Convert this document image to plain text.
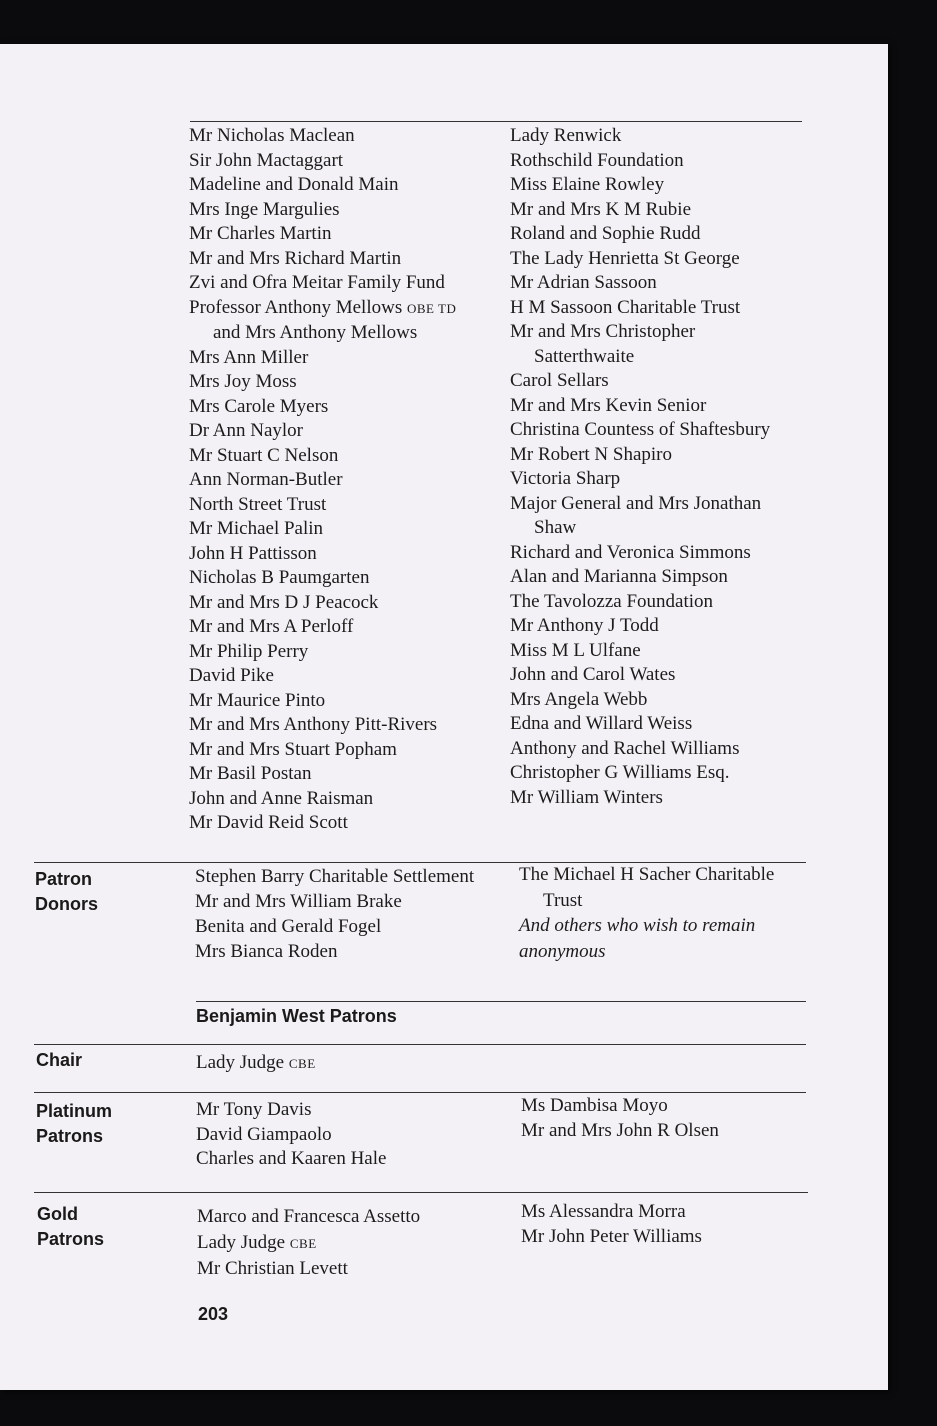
Mr Nicholas Maclean
Sir John Mactaggart
Madeline and Donald Main
Mrs Inge Margulies
Mr Charles Martin
Mr and Mrs Richard Martin
Zvi and Ofra Meitar Family Fund
Professor Anthony Mellows OBE TD
and Mrs Anthony Mellows
Mrs Ann Miller
Mrs Joy Moss
Mrs Carole Myers
Dr Ann Naylor
Mr Stuart C Nelson
Ann Norman-Butler
North Street Trust
Mr Michael Palin
John H Pattisson
Nicholas B Paumgarten
Mr and Mrs D J Peacock
Mr and Mrs A Perloff
Mr Philip Perry
David Pike
Mr Maurice Pinto
Mr and Mrs Anthony Pitt-Rivers
Mr and Mrs Stuart Popham
Mr Basil Postan
John and Anne Raisman
Mr David Reid Scott
Lady Renwick
Rothschild Foundation
Miss Elaine Rowley
Mr and Mrs K M Rubie
Roland and Sophie Rudd
The Lady Henrietta St George
Mr Adrian Sassoon
H M Sassoon Charitable Trust
Mr and Mrs Christopher
Satterthwaite
Carol Sellars
Mr and Mrs Kevin Senior
Christina Countess of Shaftesbury
Mr Robert N Shapiro
Victoria Sharp
Major General and Mrs Jonathan
Shaw
Richard and Veronica Simmons
Alan and Marianna Simpson
The Tavolozza Foundation
Mr Anthony J Todd
Miss M L Ulfane
John and Carol Wates
Mrs Angela Webb
Edna and Willard Weiss
Anthony and Rachel Williams
Christopher G Williams Esq.
Mr William Winters
Patron
Donors
Stephen Barry Charitable Settlement
Mr and Mrs William Brake
Benita and Gerald Fogel
Mrs Bianca Roden
The Michael H Sacher Charitable
Trust
And others who wish to remain
anonymous
Benjamin West Patrons
Chair	Lady Judge CBE
Platinum
Patrons
Mr Tony Davis
David Giampaolo
Charles and Kaaren Hale
Ms Dambisa Moyo
Mr and Mrs John R Olsen
Gold
Patrons
Marco and Francesca Assetto
Lady Judge CBE
Mr Christian Levett
Ms Alessandra Morra
Mr John Peter Williams
203
